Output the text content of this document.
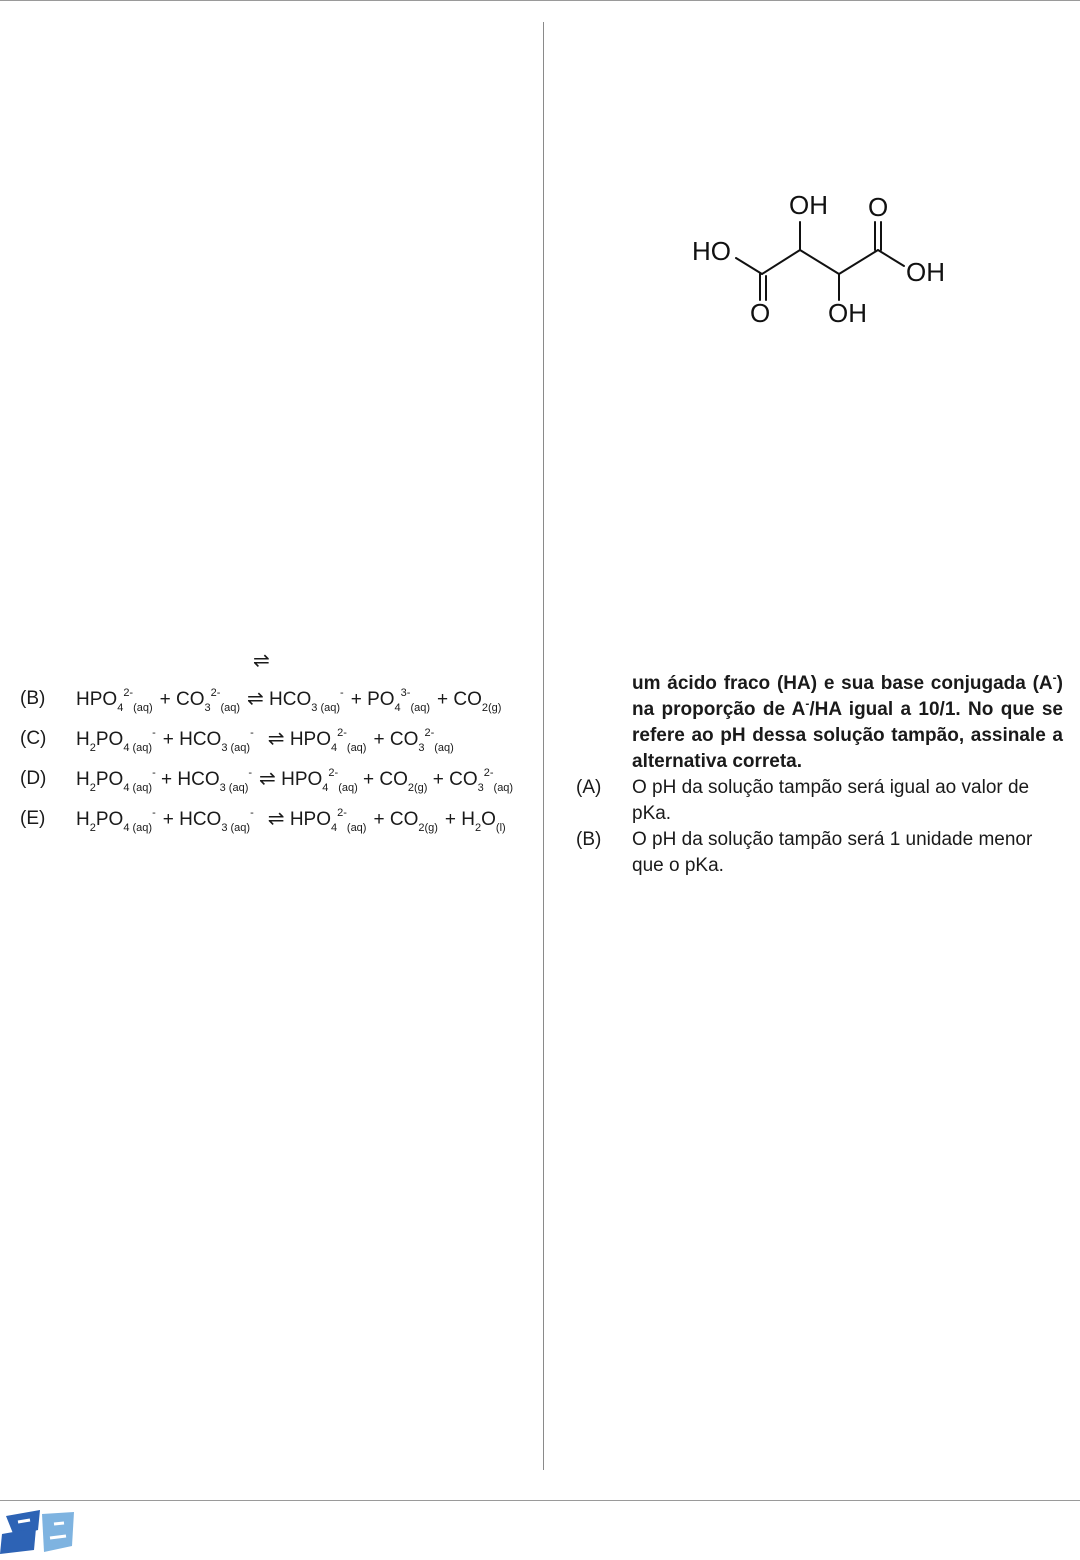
⇌
(B) $HPO_4^{2-}_{(aq)} + CO_3^{2-}_{(aq)}$ ⇌ $HCO_{3 (aq)}^- + PO_4^{3-}_{(aq)} + CO_{2(g)}$
(C) $H_2PO_{4 (aq)}^- + HCO_{3 (aq)}^-$ ⇌ $HPO_4^{2-}_{(aq)} + CO_3^{2-}_{(aq)}$
(D) $H_2PO_{4 (aq)}^- + HCO_{3 (aq)}^-$ ⇌ $HPO_4^{2-}_{(aq)} + CO_{2(g)} + CO_3^{2-}_{(aq)}$
(E) $H_2PO_{4 (aq)}^- + HCO_{3 (aq)}^-$ ⇌ $HPO_4^{2-}_{(aq)} + CO_{2(g)} + H_2O_{(l)}$
OH O
HO
OH
O OH
um ácido fraco (HA) e sua base conjugada (A-) na proporção de A-/HA igual a 10/1. No que se refere ao pH dessa solução tampão, assinale a alternativa correta.
(A) O pH da solução tampão será igual ao valor de pKa.
(B) O pH da solução tampão será 1 unidade menor que o pKa.
